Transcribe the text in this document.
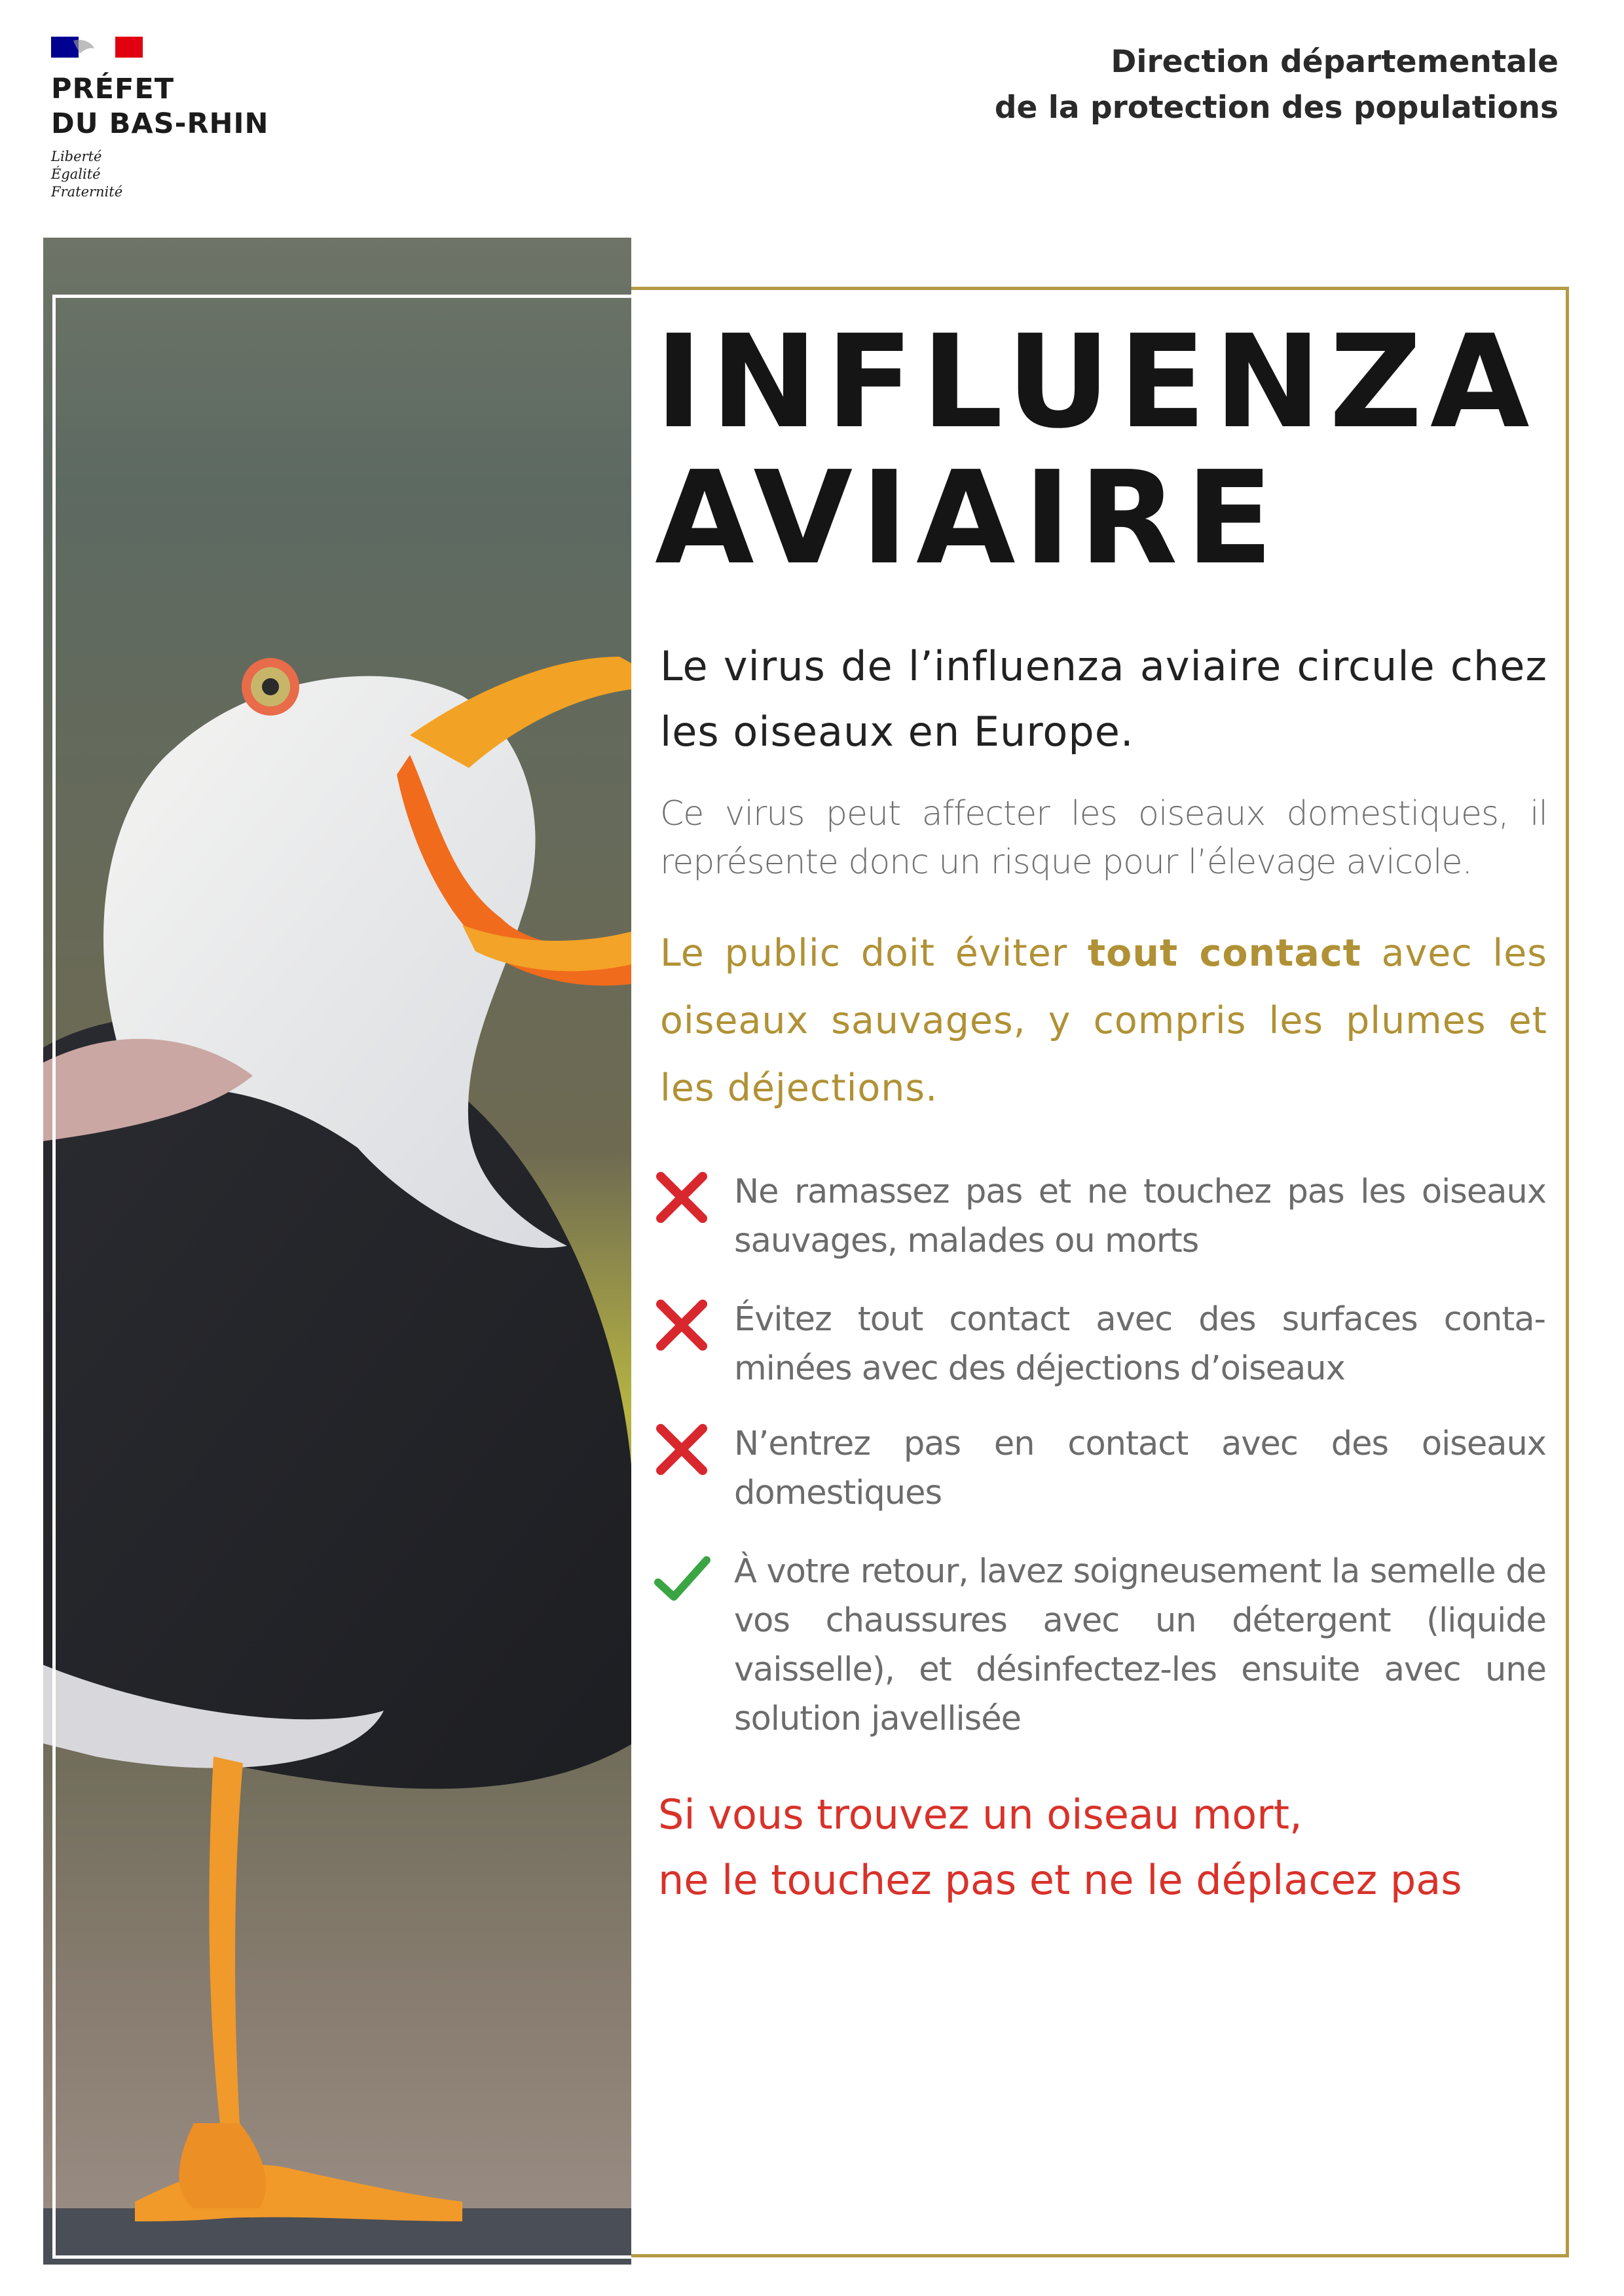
PRÉFET
DU BAS-RHIN
Liberté
Égalité
Fraternité
Direction départementale
de la protection des populations
INFLUENZA
AVIAIRE

Le virus de l’influenza aviaire circule chez les oiseaux en Europe.

Ce virus peut affecter les oiseaux domestiques, il représente donc un risque pour l’élevage avicole.

Le public doit éviter tout contact avec les oiseaux sauvages, y compris les plumes et les déjections.

Ne ramassez pas et ne touchez pas les oiseaux sauvages, malades ou morts

Évitez tout contact avec des surfaces contaminées avec des déjections d’oiseaux

N’entrez pas en contact avec des oiseaux domestiques

À votre retour, lavez soigneusement la semelle de vos chaussures avec un détergent (liquide vaisselle), et désinfectez-les ensuite avec une solution javellisée

Si vous trouvez un oiseau mort,
ne le touchez pas et ne le déplacez pas
